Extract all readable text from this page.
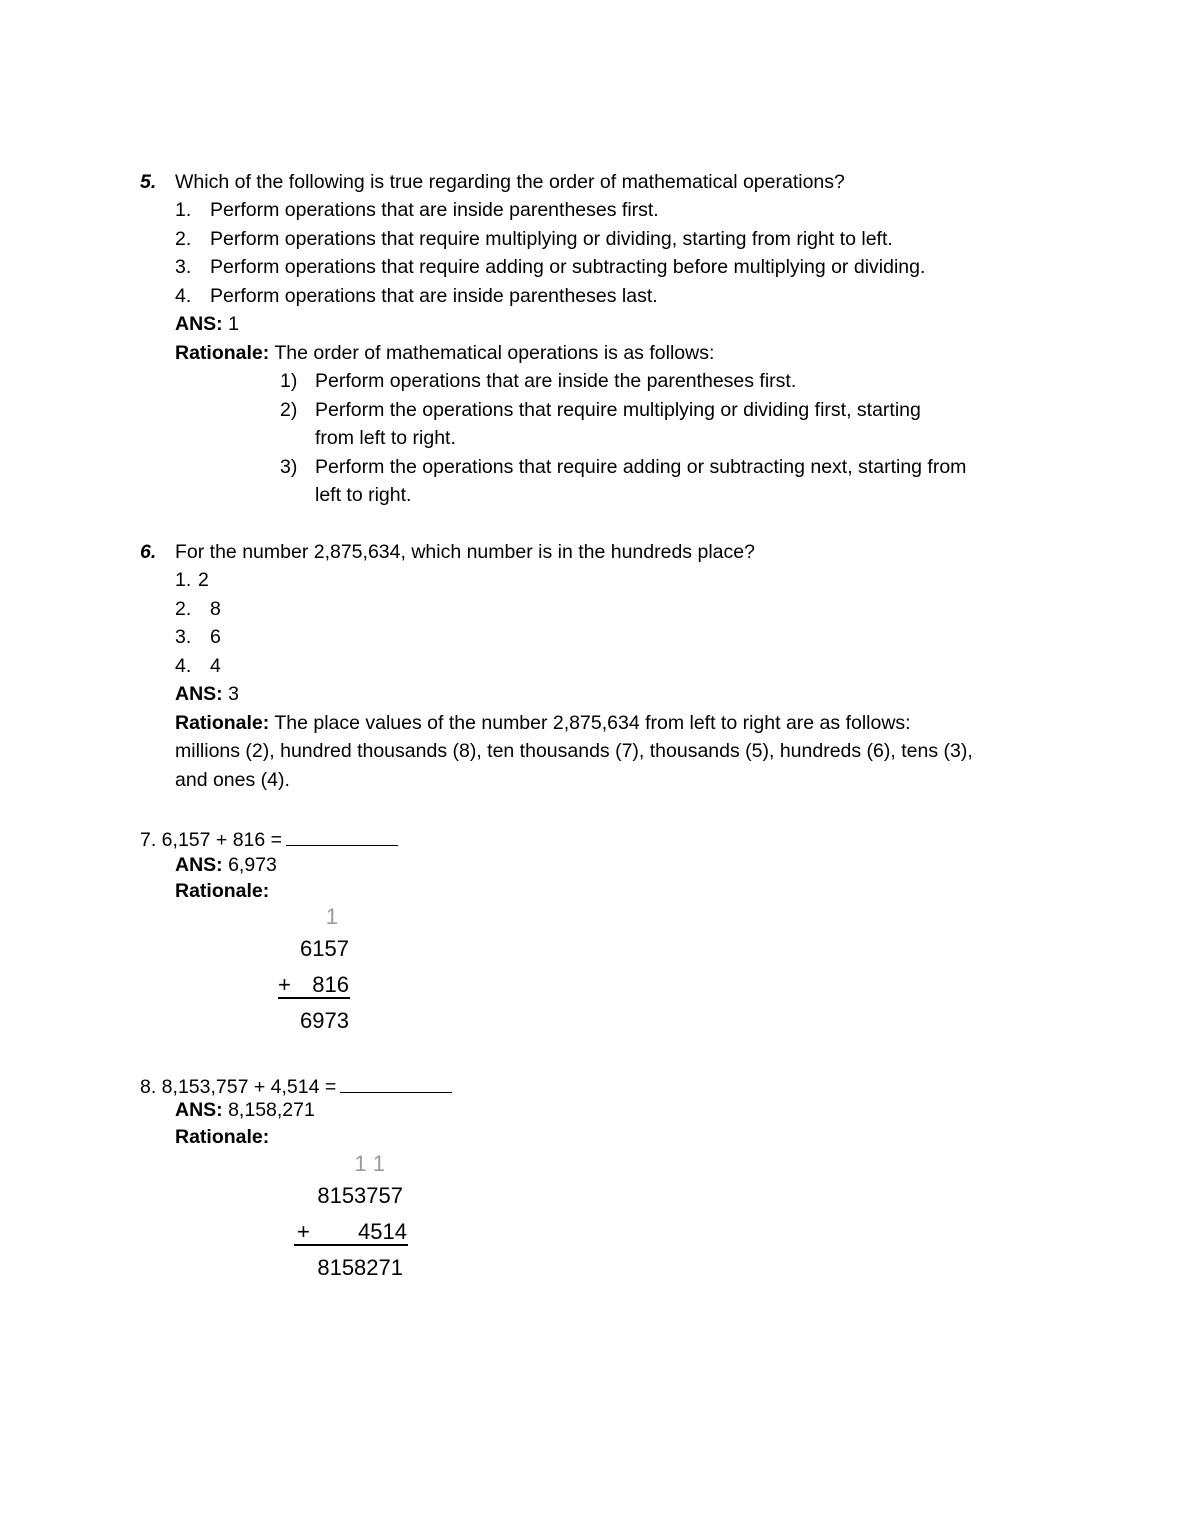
5. Which of the following is true regarding the order of mathematical operations?
1. Perform operations that are inside parentheses first.
2. Perform operations that require multiplying or dividing, starting from right to left.
3. Perform operations that require adding or subtracting before multiplying or dividing.
4. Perform operations that are inside parentheses last.
ANS: 1
Rationale: The order of mathematical operations is as follows:
1) Perform operations that are inside the parentheses first.
2) Perform the operations that require multiplying or dividing first, starting
from left to right.
3) Perform the operations that require adding or subtracting next, starting from
left to right.
6. For the number 2,875,634, which number is in the hundreds place?
1. 2
2. 8
3. 6
4. 4
ANS: 3
Rationale: The place values of the number 2,875,634 from left to right are as follows:
millions (2), hundred thousands (8), ten thousands (7), thousands (5), hundreds (6), tens (3),
and ones (4).
7. 6,157 + 816 =
ANS: 6,973
Rationale:
1
6157
+ 816
6973
8. 8,153,757 + 4,514 =
ANS: 8,158,271
Rationale:
1 1
8153757
+	4514
8158271
